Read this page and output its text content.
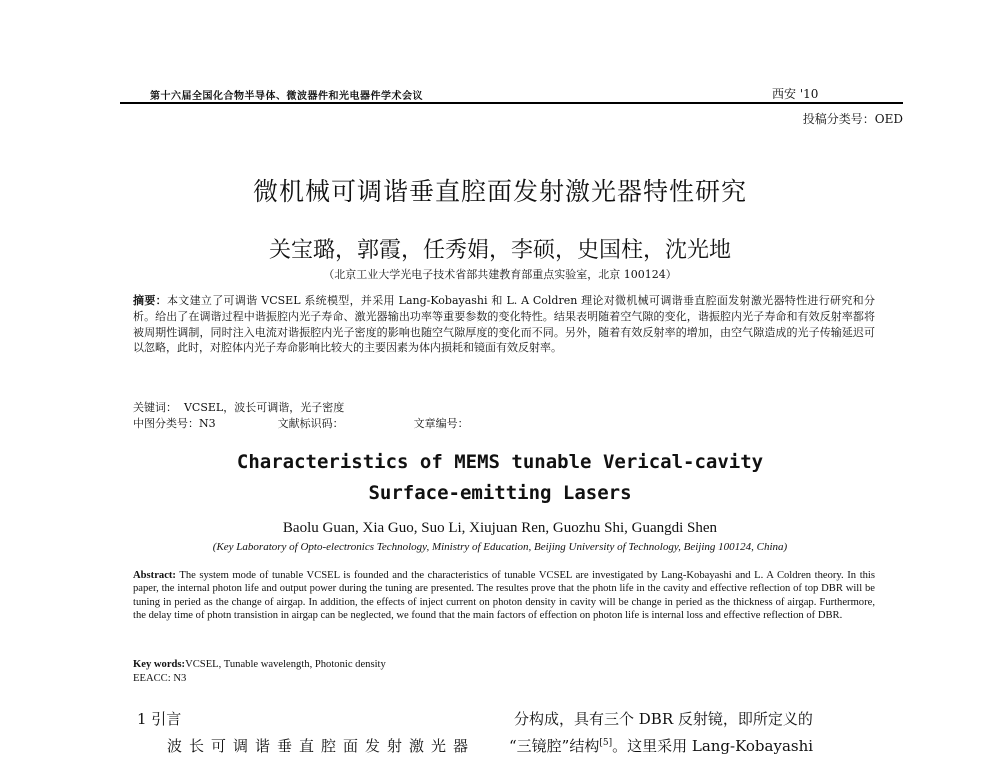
第十六届全国化合物半导体、微波器件和光电器件学术会议	西安 '10
投稿分类号：OED
微机械可调谐垂直腔面发射激光器特性研究
关宝璐，郭霞，任秀娟，李硕，史国柱，沈光地
（北京工业大学光电子技术省部共建教育部重点实验室，北京 100124）
摘要：本文建立了可调谐 VCSEL 系统模型，并采用 Lang-Kobayashi 和 L. A Coldren 理论对微机械可调谐垂直腔面发射激光器特性进行研究和分析。给出了在调谐过程中谐振腔内光子寿命、激光器输出功率等重要参数的变化特性。结果表明随着空气隙的变化，谐振腔内光子寿命和有效反射率都将被周期性调制，同时注入电流对谐振腔内光子密度的影响也随空气隙厚度的变化而不同。另外，随着有效反射率的增加，由空气隙造成的光子传输延迟可以忽略，此时，对腔体内光子寿命影响比较大的主要因素为体内损耗和镜面有效反射率。
关键词：  VCSEL，波长可调谐，光子密度
中图分类号：N3	文献标识码：	文章编号：
Characteristics of MEMS tunable Verical-cavity
Surface-emitting Lasers
Baolu Guan, Xia Guo, Suo Li, Xiujuan Ren, Guozhu Shi, Guangdi Shen
(Key Laboratory of Opto-electronics Technology, Ministry of Education, Beijing University of Technology, Beijing 100124, China)
Abstract: The system mode of tunable VCSEL is founded and the characteristics of tunable VCSEL are investigated by Lang-Kobayashi and L. A Coldren theory. In this paper, the internal photon life and output power during the tuning are presented. The resultes prove that the photn life in the cavity and effective reflection of top DBR will be tuning in peried as the change of airgap. In addition, the effects of inject current on photon density in cavity will be change in peried as the thickness of airgap. Furthermore, the delay time of photn transistion in airgap can be neglected, we found that the main factors of effection on photon life is internal loss and effective reflection of DBR.
Key words:VCSEL, Tunable wavelength, Photonic density
EEACC: N3
1 引言
波长可调谐垂直腔面发射激光器
分构成，具有三个 DBR 反射镜，即所定义的
“三镜腔”结构[5]。这里采用 Lang-Kobayashi
